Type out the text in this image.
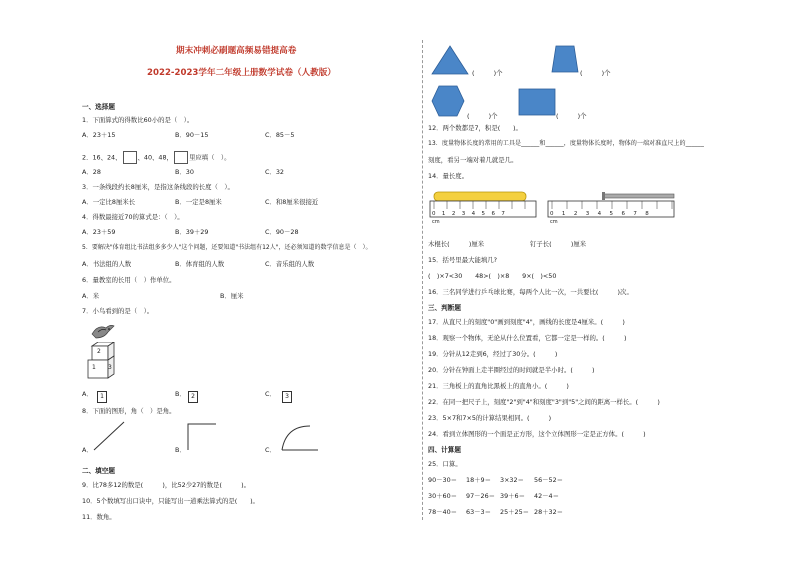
期末冲刺必刷题高频易错提高卷
2022-2023学年二年级上册数学试卷（人教版）
一、选择题
1．下面算式的得数比60小的是（　）。
A．23＋15	B．90－15	C．85－5
2．16、24、	、40、48，	里应填（　）。
A．28	B．30	C．32
3．一条线段约长8厘米，是指这条线段的长度（　）。
A．一定比8厘米长	B．一定是8厘米	C．和8厘米很接近
4．得数最接近70的算式是：（　）。
A．23＋59	B．39＋29	C．90－28
5．要解决"体育组比书法组多多少人"这个问题，还要知道"书法组有12人"，还必须知道的数学信息是（　）。
A．书法组的人数	B．体育组的人数	C．音乐组的人数
6．量教室的长用（　）作单位。
A．米	B．厘米
7．小鸟看到的是（　）。
2
1 3
A．	1	B． 2	C．	3
8．下面的图形，角（　）是角。
A．	B．	C．
二、填空题
9．比78多12的数是(　　　)，比52少27的数是(　　　)。
10．5个数填写出口诀中，只能写出一道乘法算式的是(　　)。
11．数角。
(　　　)个	(　　　)个
(　　　)个	(　　　)个
12．两个数都是7，积是(　　)。
13．度量物体长度的常用的工具是______和______，度量物体长度时，物体的一端对准直尺上的______
刻度，看另一端对着几就是几。
14．量长度。
01234567
cm
012345678
cm
木棍长(　　　)厘米	钉子长(　　　)厘米
15．括号里最大能填几?
(　)×7<30　　48>(　)×8　　9×(　)<50
16．三名同学进行乒乓球比赛，每两个人比一次，一共要比(　　　)次。
三、判断题
17．从直尺上的刻度"0"画到刻度"4"，画线的长度是4厘米。(　　　)
18．观察一个物体，无论从什么位置看，它都一定是一样的。(　　　)
19．分针从12走到6，经过了30分。(　　　)
20．分针在钟面上走半圈经过的时间就是半小时。(　　　)
21．三角板上的直角比黑板上的直角小。(　　　)
22．在同一把尺子上，刻度"2"到"4"和刻度"3"到"5"之间的距离一样长。(　　　)
23．5×7和7×5的计算结果相同。(　　　)
24．看到立体图形的一个面是正方形，这个立体图形一定是正方体。(　　　)
四、计算题
25．口算。
90－30＝ 18＋9＝ 3×32＝ 56－52＝
30＋60＝ 97－26＝ 39＋6＝ 42－4＝
78－40＝ 63－3＝ 25＋25＝ 28＋32＝
